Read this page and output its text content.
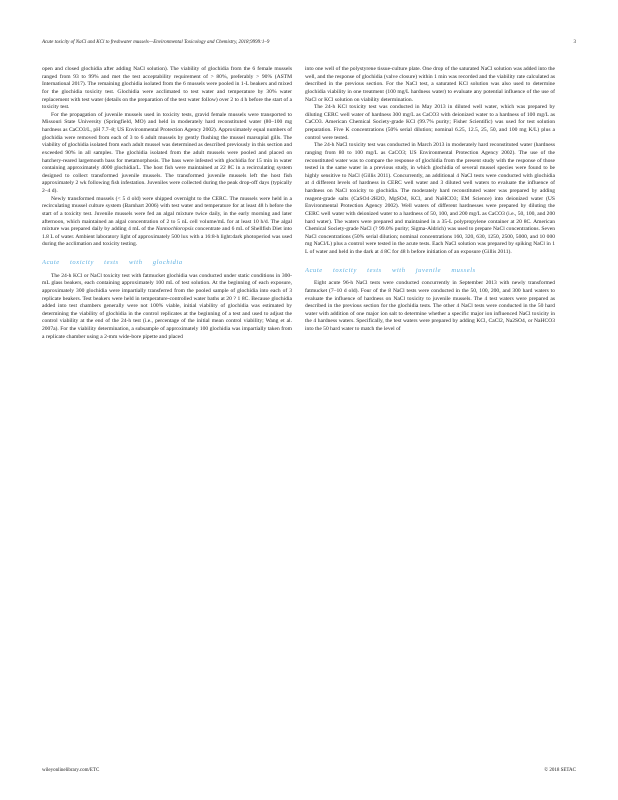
Acute toxicity of NaCl and KCl to freshwater mussels—Environmental Toxicology and Chemistry, 2018;9999:1–9	3

open and closed glochidia after adding NaCl solution). The viability of glochidia from the 6 female mussels ranged from 93 to 99% and met the test acceptability requirement of > 80%, preferably > 90% (ASTM International 2017). The remaining glochidia isolated from the 6 mussels were pooled in 1-L beakers and mixed for the glochidia toxicity test. Glochidia were acclimated to test water and temperature by 30% water replacement with test water (details on the preparation of the test water follow) over 2 to 4 h before the start of a toxicity test.

For the propagation of juvenile mussels used in toxicity tests, gravid female mussels were transported to Missouri State University (Springfield, MO) and held in moderately hard reconstituted water (80–100 mg hardness as CaCO3/L, pH 7.7–8; US Environmental Protection Agency 2002). Approximately equal numbers of glochidia were removed from each of 3 to 6 adult mussels by gently flushing the mussel marsupial gills. The viability of glochidia isolated from each adult mussel was determined as described previously in this section and exceeded 90% in all samples. The glochidia isolated from the adult mussels were pooled and placed on hatchery-reared largemouth bass for metamorphosis. The bass were infested with glochidia for 15 min in water containing approximately 4000 glochidia/L. The host fish were maintained at 22 8C in a recirculating system designed to collect transformed juvenile mussels. The transformed juvenile mussels left the host fish approximately 2 wk following fish infestation. Juveniles were collected during the peak drop-off days (typically 2–4 d).

Newly transformed mussels (< 5 d old) were shipped overnight to the CERC. The mussels were held in a recirculating mussel culture system (Barnhart 2006) with test water and temperature for at least 48 h before the start of a toxicity test. Juvenile mussels were fed an algal mixture twice daily, in the early morning and later afternoon, which maintained an algal concentration of 2 to 5 nL cell volume/mL for at least 10 h/d. The algal mixture was prepared daily by adding 4 mL of the Nannochloropsis concentrate and 6 mL of Shellfish Diet into 1.8 L of water. Ambient laboratory light of approximately 500 lux with a 16:8-h light:dark photoperiod was used during the acclimation and toxicity testing.

Acute toxicity tests with glochidia

The 24-h KCl or NaCl toxicity test with fatmucket glochidia was conducted under static conditions in 300-mL glass beakers, each containing approximately 100 mL of test solution. At the beginning of each exposure, approximately 300 glochidia were impartially transferred from the pooled sample of glochidia into each of 3 replicate beakers. Test beakers were held in temperature-controlled water baths at 20 ? 1 8C. Because glochidia added into test chambers generally were not 100% viable, initial viability of glochidia was estimated by determining the viability of glochidia in the control replicates at the beginning of a test and used to adjust the control viability at the end of the 24-h test (i.e., percentage of the initial mean control viability; Wang et al. 2007a). For the viability determination, a subsample of approximately 100 glochidia was impartially taken from a replicate chamber using a 2-mm wide-bore pipette and placed

into one well of the polystyrene tissue-culture plate. One drop of the saturated NaCl solution was added into the well, and the response of glochidia (valve closure) within 1 min was recorded and the viability rate calculated as described in the previous section. For the NaCl test, a saturated KCl solution was also used to determine glochidia viability in one treatment (100 mg/L hardness water) to evaluate any potential influence of the use of NaCl or KCl solution on viability determination.

The 24-h KCl toxicity test was conducted in May 2013 in diluted well water, which was prepared by diluting CERC well water of hardness 300 mg/L as CaCO3 with deionized water to a hardness of 100 mg/L as CaCO3. American Chemical Society-grade KCl (99.7% purity; Fisher Scientific) was used for test solution preparation. Five K concentrations (50% serial dilution; nominal 6.25, 12.5, 25, 50, and 100 mg K/L) plus a control were tested.

The 24-h NaCl toxicity test was conducted in March 2013 in moderately hard reconstituted water (hardness ranging from 80 to 100 mg/L as CaCO3; US Environmental Protection Agency 2002). The use of the reconstituted water was to compare the response of glochidia from the present study with the response of those tested in the same water in a previous study, in which glochidia of several mussel species were found to be highly sensitive to NaCl (Gillis 2011). Concurrently, an additional 4 NaCl tests were conducted with glochidia at 4 different levels of hardness in CERC well water and 3 diluted well waters to evaluate the influence of hardness on NaCl toxicity to glochidia. The moderately hard reconstituted water was prepared by adding reagent-grade salts (CaSO4·2H2O, MgSO4, KCl, and NaHCO3; EM Science) into deionized water (US Environmental Protection Agency 2002). Well waters of different hardnesses were prepared by diluting the CERC well water with deionized water to a hardness of 50, 100, and 200 mg/L as CaCO3 (i.e., 50, 100, and 200 hard water). The waters were prepared and maintained in a 35-L polypropylene container at 20 8C. American Chemical Society-grade NaCl (? 99.0% purity; Sigma-Aldrich) was used to prepare NaCl concentrations. Seven NaCl concentrations (50% serial dilution; nominal concentrations 160, 320, 630, 1250, 2500, 5000, and 10 000 mg NaCl/L) plus a control were tested in the acute tests. Each NaCl solution was prepared by spiking NaCl in 1 L of water and held in the dark at 4 8C for 48 h before initiation of an exposure (Gillis 2011).

Acute toxicity tests with juvenile mussels

Eight acute 96-h NaCl tests were conducted concurrently in September 2013 with newly transformed fatmucket (7–10 d old). Four of the 8 NaCl tests were conducted in the 50, 100, 200, and 300 hard waters to evaluate the influence of hardness on NaCl toxicity to juvenile mussels. The 4 test waters were prepared as described in the previous section for the glochidia tests. The other 4 NaCl tests were conducted in the 50 hard water with addition of one major ion salt to determine whether a specific major ion influenced NaCl toxicity in the 4 hardness waters. Specifically, the test waters were prepared by adding KCl, CaCl2, Na2SO4, or NaHCO3 into the 50 hard water to match the level of

wileyonlinelibrary.com/ETC	© 2018 SETAC
